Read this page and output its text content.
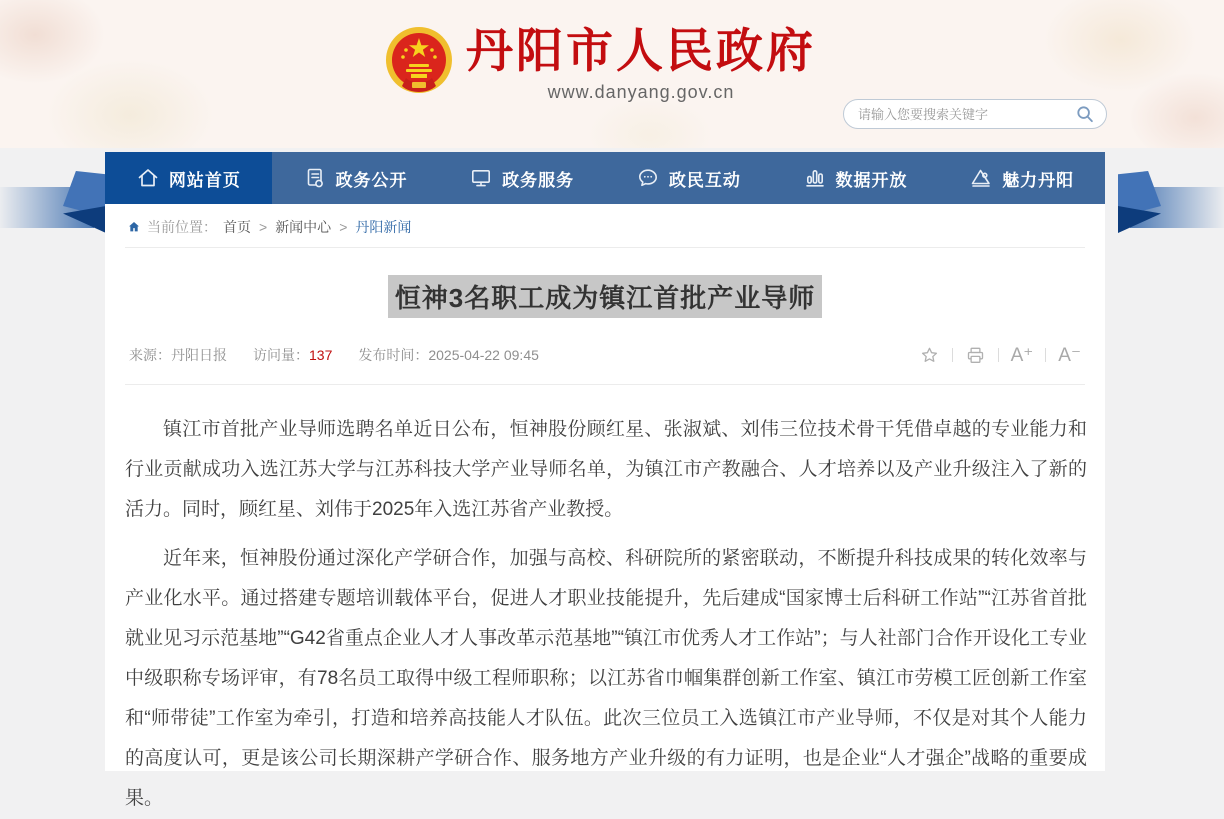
丹阳市人民政府
www.danyang.gov.cn
请输入您要搜索关键字
网站首页	政务公开	政务服务	政民互动	数据开放	魅力丹阳
当前位置： 首页 > 新闻中心 > 丹阳新闻
恒神3名职工成为镇江首批产业导师
来源：丹阳日报 访问量：137 发布时间：2025-04-22 09:45	A⁺ A⁻

镇江市首批产业导师选聘名单近日公布，恒神股份顾红星、张淑斌、刘伟三位技术骨干凭借卓越的专业能力和行业贡献成功入选江苏大学与江苏科技大学产业导师名单，为镇江市产教融合、人才培养以及产业升级注入了新的活力。同时，顾红星、刘伟于2025年入选江苏省产业教授。

近年来，恒神股份通过深化产学研合作，加强与高校、科研院所的紧密联动，不断提升科技成果的转化效率与产业化水平。通过搭建专题培训载体平台，促进人才职业技能提升，先后建成“国家博士后科研工作站”“江苏省首批就业见习示范基地”“G42省重点企业人才人事改革示范基地”“镇江市优秀人才工作站”；与人社部门合作开设化工专业中级职称专场评审，有78名员工取得中级工程师职称；以江苏省巾帼集群创新工作室、镇江市劳模工匠创新工作室和“师带徒”工作室为牵引，打造和培养高技能人才队伍。此次三位员工入选镇江市产业导师，不仅是对其个人能力的高度认可，更是该公司长期深耕产学研合作、服务地方产业升级的有力证明，也是企业“人才强企”战略的重要成果。
